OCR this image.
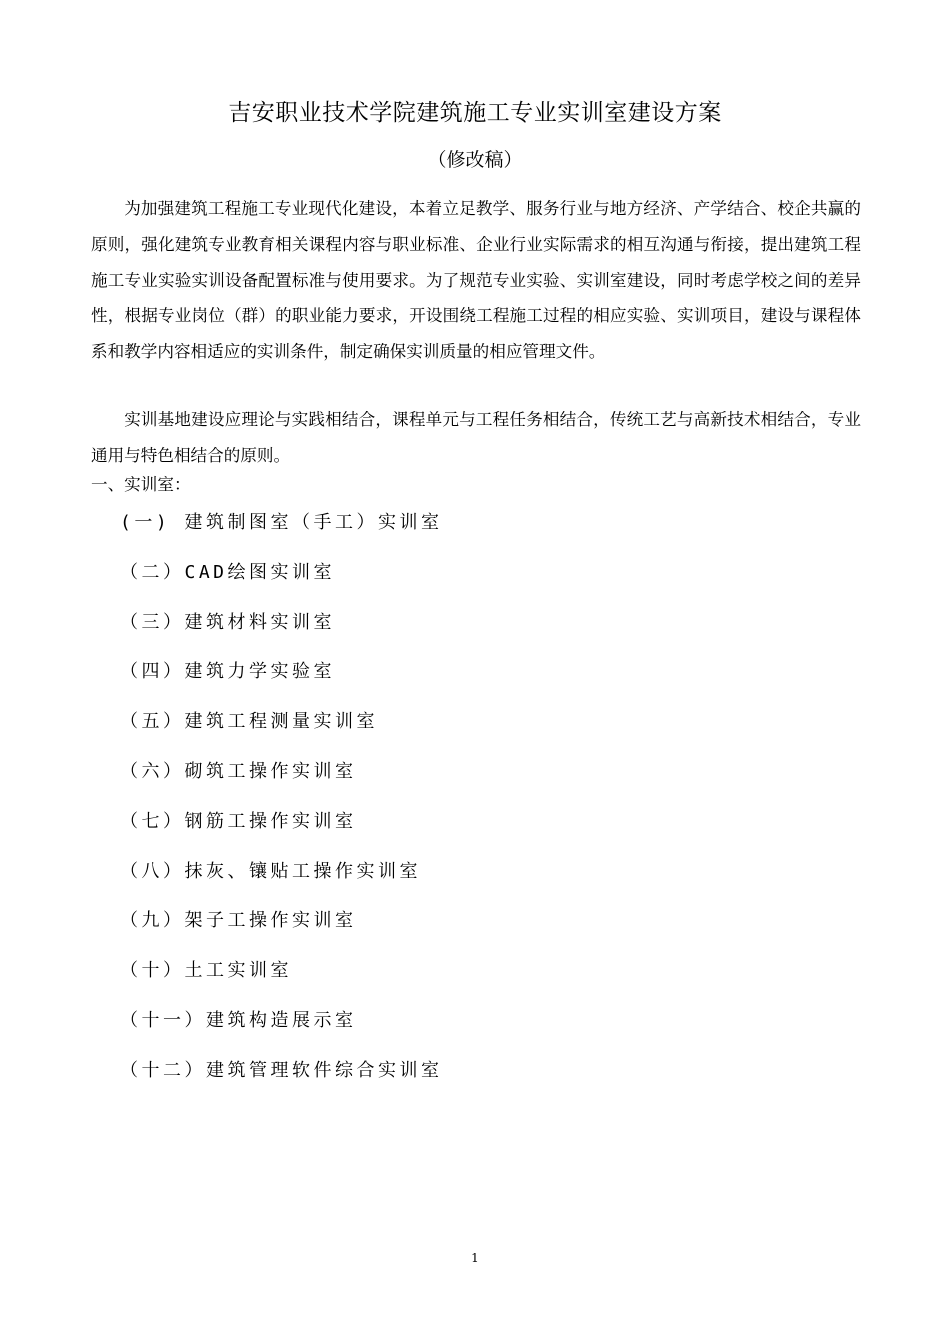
吉安职业技术学院建筑施工专业实训室建设方案
（修改稿）

为加强建筑工程施工专业现代化建设，本着立足教学、服务行业与地方经济、产学结合、校企共赢的原则，强化建筑专业教育相关课程内容与职业标准、企业行业实际需求的相互沟通与衔接，提出建筑工程施工专业实验实训设备配置标准与使用要求。为了规范专业实验、实训室建设，同时考虑学校之间的差异性，根据专业岗位（群）的职业能力要求，开设围绕工程施工过程的相应实验、实训项目，建设与课程体系和教学内容相适应的实训条件，制定确保实训质量的相应管理文件。

实训基地建设应理论与实践相结合，课程单元与工程任务相结合，传统工艺与高新技术相结合，专业通用与特色相结合的原则。

一、实训室：

(一) 建筑制图室（手工）实训室
（二）CAD绘图实训室
（三）建筑材料实训室
（四）建筑力学实验室
（五）建筑工程测量实训室
（六）砌筑工操作实训室
（七）钢筋工操作实训室
（八）抹灰、镶贴工操作实训室
（九）架子工操作实训室
（十）土工实训室
（十一）建筑构造展示室
（十二）建筑管理软件综合实训室
1
